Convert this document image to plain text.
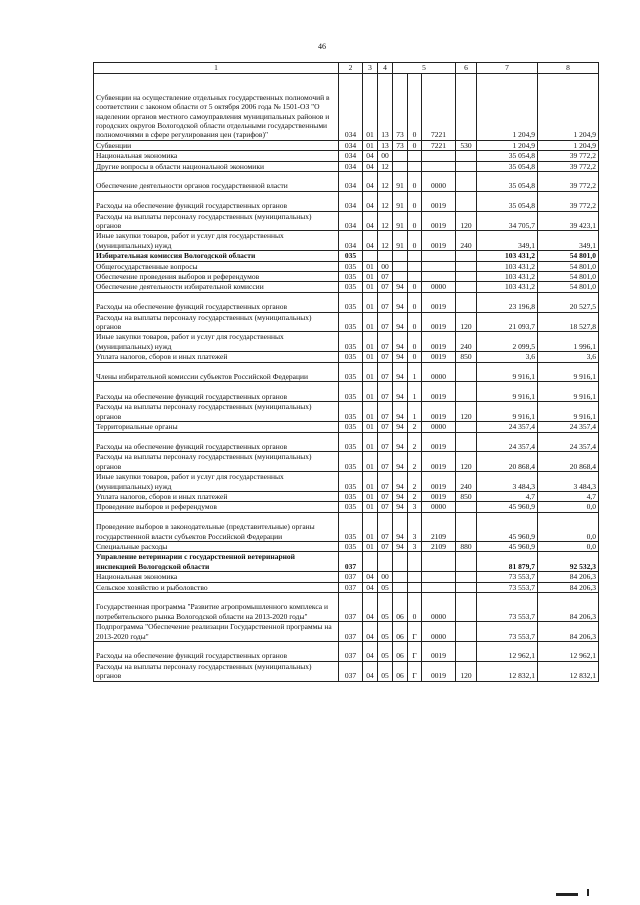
46
1	2	3	4	5			6	7	8
Субвенции на осуществление отдельных государственных полномочий в соответствии с законом области от 5 октября 2006 года № 1501-ОЗ "О наделении органов местного самоуправления муниципальных районов и городских округов Вологодской области отдельными государственными полномочиями в сфере регулирования цен (тарифов)"	034	01	13	73	0	7221		1 204,9	1 204,9
Субвенции	034	01	13	73	0	7221	530	1 204,9	1 204,9
Национальная экономика	034	04	00					35 054,8	39 772,2
Другие вопросы в области национальной экономики	034	04	12					35 054,8	39 772,2
Обеспечение деятельности органов государственной власти	034	04	12	91	0	0000		35 054,8	39 772,2
Расходы на обеспечение функций государственных органов	034	04	12	91	0	0019		35 054,8	39 772,2
Расходы на выплаты персоналу государственных (муниципальных) органов	034	04	12	91	0	0019	120	34 705,7	39 423,1
Иные закупки товаров, работ и услуг для государственных (муниципальных) нужд	034	04	12	91	0	0019	240	349,1	349,1
Избирательная комиссия Вологодской области	035							103 431,2	54 801,0
Общегосударственные вопросы	035	01	00					103 431,2	54 801,0
Обеспечение проведения выборов и референдумов	035	01	07					103 431,2	54 801,0
Обеспечение деятельности избирательной комиссии	035	01	07	94	0	0000		103 431,2	54 801,0
Расходы на обеспечение функций государственных органов	035	01	07	94	0	0019		23 196,8	20 527,5
Расходы на выплаты персоналу государственных (муниципальных) органов	035	01	07	94	0	0019	120	21 093,7	18 527,8
Иные закупки товаров, работ и услуг для государственных (муниципальных) нужд	035	01	07	94	0	0019	240	2 099,5	1 996,1
Уплата налогов, сборов и иных платежей	035	01	07	94	0	0019	850	3,6	3,6
Члены избирательной комиссии субъектов Российской Федерации	035	01	07	94	1	0000		9 916,1	9 916,1
Расходы на обеспечение функций государственных органов	035	01	07	94	1	0019		9 916,1	9 916,1
Расходы на выплаты персоналу государственных (муниципальных) органов	035	01	07	94	1	0019	120	9 916,1	9 916,1
Территориальные органы	035	01	07	94	2	0000		24 357,4	24 357,4
Расходы на обеспечение функций государственных органов	035	01	07	94	2	0019		24 357,4	24 357,4
Расходы на выплаты персоналу государственных (муниципальных) органов	035	01	07	94	2	0019	120	20 868,4	20 868,4
Иные закупки товаров, работ и услуг для государственных (муниципальных) нужд	035	01	07	94	2	0019	240	3 484,3	3 484,3
Уплата налогов, сборов и иных платежей	035	01	07	94	2	0019	850	4,7	4,7
Проведение выборов и референдумов	035	01	07	94	3	0000		45 960,9	0,0
Проведение выборов в законодательные (представительные) органы государственной власти субъектов Российской Федерации	035	01	07	94	3	2109		45 960,9	0,0
Специальные расходы	035	01	07	94	3	2109	880	45 960,9	0,0
Управление ветеринарии с государственной ветеринарной инспекцией Вологодской области	037							81 879,7	92 532,3
Национальная экономика	037	04	00					73 553,7	84 206,3
Сельское хозяйство и рыболовство	037	04	05					73 553,7	84 206,3
Государственная программа "Развитие агропромышленного комплекса и потребительского рынка Вологодской области на 2013-2020 годы"	037	04	05	06	0	0000		73 553,7	84 206,3
Подпрограмма "Обеспечение реализации Государственной программы на 2013-2020 годы"	037	04	05	06	Г	0000		73 553,7	84 206,3
Расходы на обеспечение функций государственных органов	037	04	05	06	Г	0019		12 962,1	12 962,1
Расходы на выплаты персоналу государственных (муниципальных) органов	037	04	05	06	Г	0019	120	12 832,1	12 832,1
